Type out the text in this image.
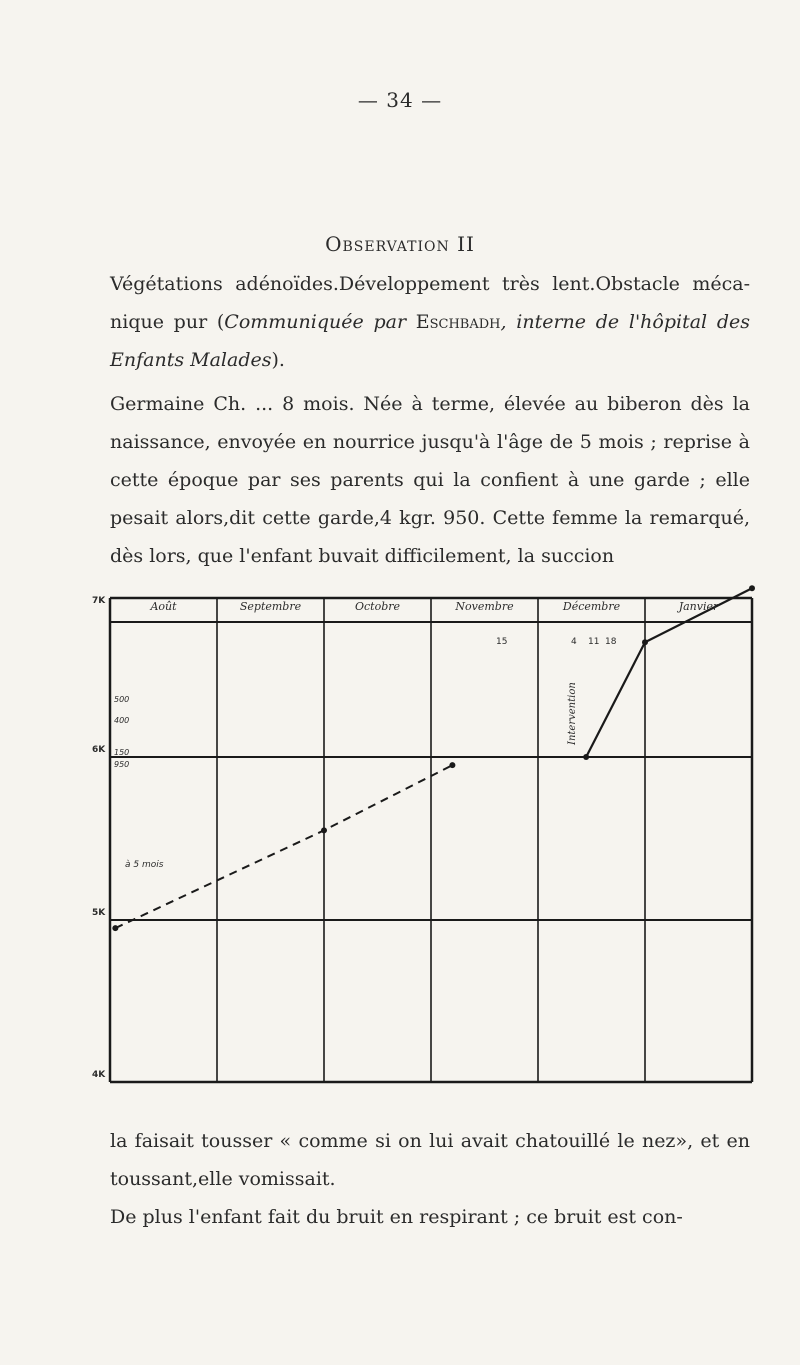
— 34 —
Observation II
Végétations adénoïdes.Développement très lent.Obstacle mécanique pur (Communiquée par Eschbadh, interne de l'hôpital des Enfants Malades).
Germaine Ch. ... 8 mois. Née à terme, élevée au biberon dès la naissance, envoyée en nourrice jusqu'à l'âge de 5 mois ; reprise à cette époque par ses parents qui la confient à une garde ; elle pesait alors,dit cette garde,4 kgr. 950. Cette femme la remarqué, dès lors, que l'enfant buvait difficilement, la succion
Août	Septembre	Octobre	Novembre	Décembre	Janvier
7K
6K
5K
4K
500
400
150
950
15	4 11 18
à 5 mois
Intervention
la faisait tousser « comme si on lui avait chatouillé le nez», et en toussant,elle vomissait.
De plus l'enfant fait du bruit en respirant ; ce bruit est con-
